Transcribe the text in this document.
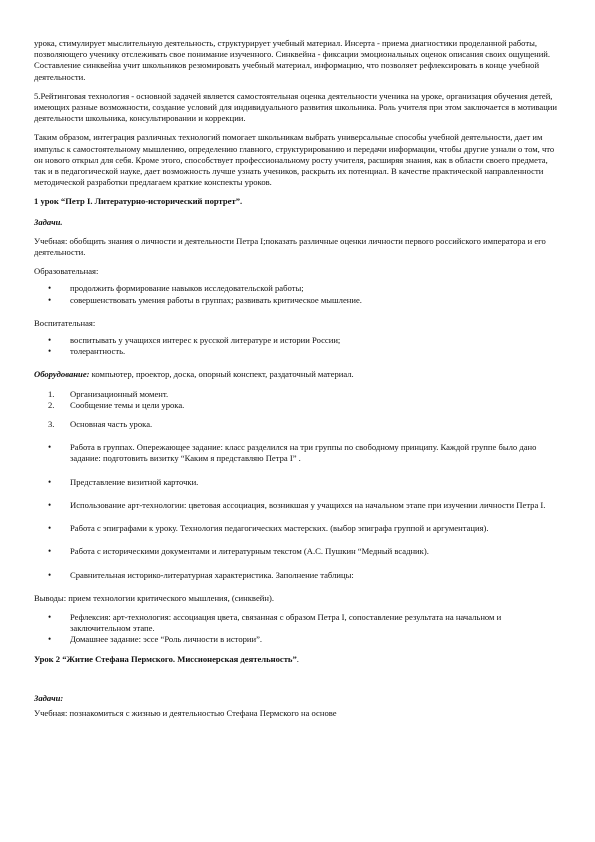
урока, стимулирует мыслительную деятельность, структурирует учебный материал. Инсерта - приема диагностики проделанной работы, позволяющего ученику отслеживать свое понимание изученного. Синквейна - фиксации эмоциональных оценок описания своих ощущений. Составление синквейна учит школьников резюмировать учебный материал, информацию, что позволяет рефлексировать в конце учебной деятельности.

5.Рейтинговая технология - основной задачей является самостоятельная оценка деятельности ученика на уроке, организация обучения детей, имеющих разные возможности, создание условий для индивидуального развития школьника. Роль учителя при этом заключается в мотивации деятельности школьника, консультировании и коррекции.

Таким образом, интеграция различных технологий помогает школьникам выбрать универсальные способы учебной деятельности, дает им импульс к самостоятельному мышлению, определению главного, структурированию и передачи информации, чтобы другие узнали о том, что он нового открыл для себя. Кроме этого, способствует профессиональному росту учителя, расширяя знания, как в области своего предмета, так и в педагогической науке, дает возможность лучше узнать учеников, раскрыть их потенциал. В качестве практической направленности методической разработки предлагаем краткие конспекты уроков.

1 урок “Петр I. Литературно-исторический портрет”.

Задачи.

Учебная: обобщить знания о личности и деятельности Петра I;показать различные оценки личности первого российского императора и его деятельности.

Образовательная:

• продолжить формирование навыков исследовательской работы;
• совершенствовать умения работы в группах; развивать критическое мышление.

Воспитательная:

• воспитывать у учащихся интерес к русской литературе и истории России;
• толерантность.

Оборудование: компьютер, проектор, доска, опорный конспект, раздаточный материал.

1. Организационный момент.
2. Сообщение темы и цели урока.
3. Основная часть урока.
• Работа в группах. Опережающее задание: класс разделился на три группы по свободному принципу. Каждой группе было дано задание: подготовить визитку “Каким я представляю Петра I” .
• Представление визитной карточки.
• Использование арт-технологии: цветовая ассоциация, возникшая у учащихся на начальном этапе при изучении личности Петра I.
• Работа с эпиграфами к уроку. Технология педагогических мастерских. (выбор эпиграфа группой и аргументация).
• Работа с историческими документами и литературным текстом (А.С. Пушкин “Медный всадник).
• Сравнительная историко-литературная характеристика. Заполнение таблицы:

Выводы: прием технологии критического мышления, (синквейн).

• Рефлексия: арт-технология: ассоциация цвета, связанная с образом Петра I, сопоставление результата на начальном и заключительном этапе.
• Домашнее задание: эссе “Роль личности в истории”.

Урок 2 “Житие Стефана Пермского. Миссионерская деятельность”.

Задачи:

Учебная: познакомиться с жизнью и деятельностью Стефана Пермского на основе
